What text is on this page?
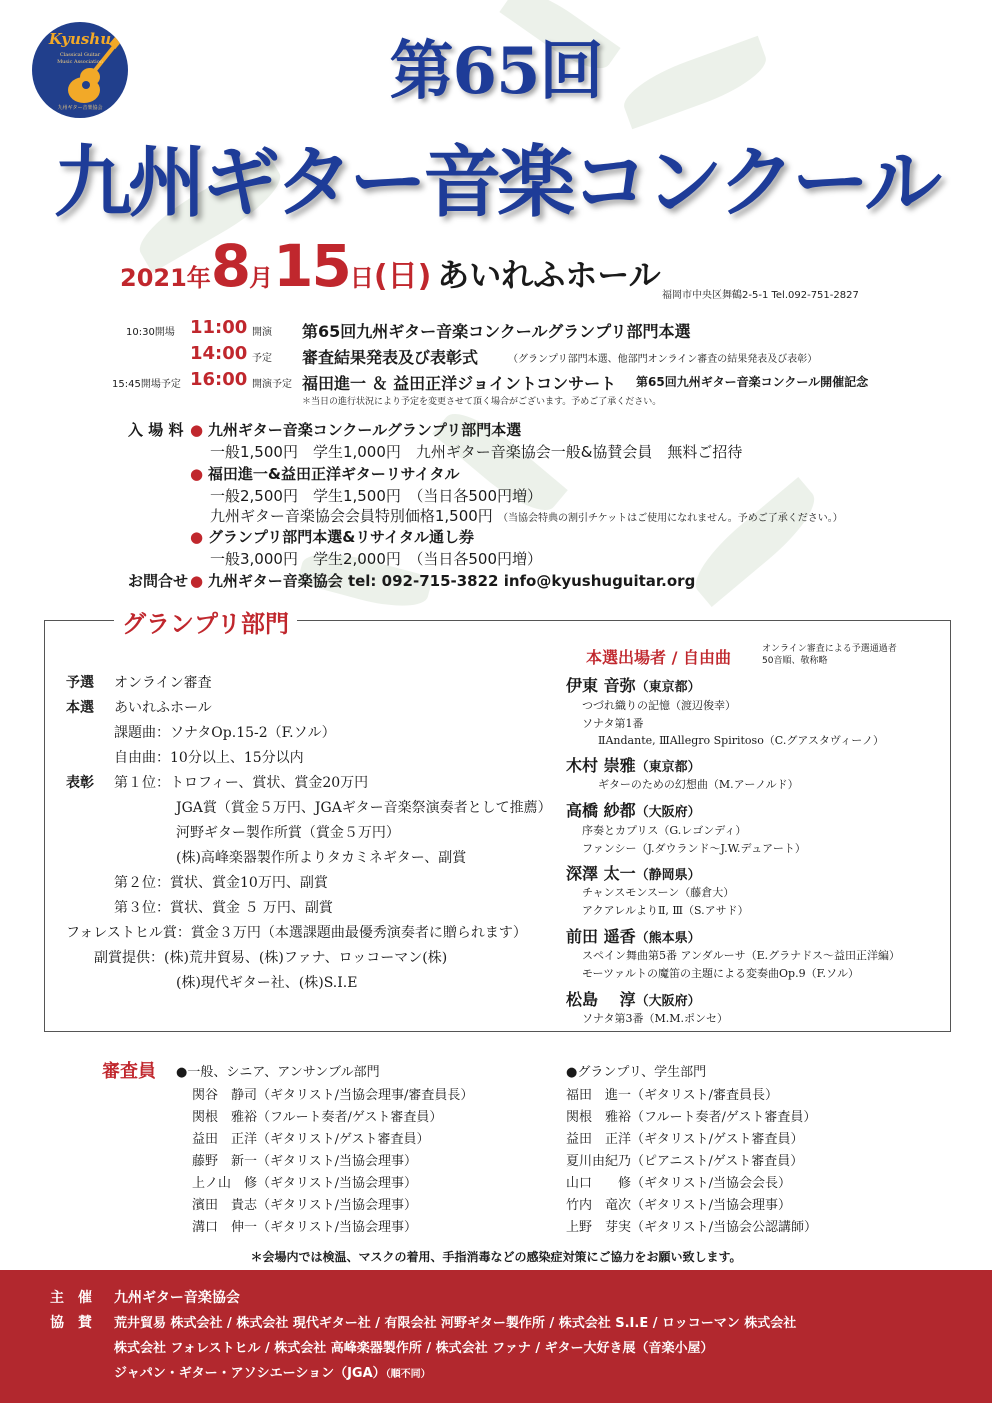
Kyushu
Classical Guitar
Music Association
九州ギター音楽協会	第65回
九州ギター音楽コンクール
2021年8月15日(日) あいれふホール
福岡市中央区舞鶴2-5-1 Tel.092-751-2827
10:30開場 11:00 開演 第65回九州ギター音楽コンクールグランプリ部門本選
14:00 予定 審査結果発表及び表彰式	（グランプリ部門本選、他部門オンライン審査の結果発表及び表彰）
15:45開場予定 16:00 開演予定 福田進一 ＆ 益田正洋ジョイントコンサート 第65回九州ギター音楽コンクール開催記念
＊当日の進行状況により予定を変更させて頂く場合がございます。予めご了承ください。
入 場 料 ● 九州ギター音楽コンクールグランプリ部門本選
一般1,500円　学生1,000円　九州ギター音楽協会一般&協賛会員　無料ご招待
● 福田進一&益田正洋ギターリサイタル
一般2,500円　学生1,500円　（当日各500円増）
九州ギター音楽協会会員特別価格1,500円 （当協会特典の割引チケットはご使用になれません。予めご了承ください。）
● グランプリ部門本選&リサイタル通し券
一般3,000円　学生2,000円　（当日各500円増）
お問合せ ● 九州ギター音楽協会 tel: 092-715-3822 info@kyushuguitar.org
グランプリ部門
予選 オンライン審査
本選 あいれふホール
課題曲：ソナタOp.15-2（F.ソル）
自由曲：10分以上、15分以内
表彰 第１位：トロフィー、賞状、賞金20万円
JGA賞（賞金５万円、JGAギター音楽祭演奏者として推薦）
河野ギター製作所賞（賞金５万円）
(株)高峰楽器製作所よりタカミネギター、副賞
第２位：賞状、賞金10万円、副賞
第３位：賞状、賞金 ５ 万円、副賞
フォレストヒル賞：賞金３万円（本選課題曲最優秀演奏者に贈られます）
副賞提供：(株)荒井貿易、(株)ファナ、ロッコーマン(株)
(株)現代ギター社、(株)S.I.E
本選出場者 / 自由曲	オンライン審査による予選通過者
50音順、敬称略
伊東 音弥（東京都）
つづれ織りの記憶（渡辺俊幸）
ソナタ第1番
ⅡAndante, ⅢAllegro Spiritoso（C.グアスタヴィーノ）
木村 崇雅（東京都）
ギターのための幻想曲（M.アーノルド）
高橋 紗都（大阪府）
序奏とカプリス（G.レゴンディ）
ファンシー（J.ダウランド〜J.W.デュアート）
深澤 太一（静岡県）
チャンスモンスーン（藤倉大）
アクアレルよりⅡ, Ⅲ（S.アサド）
前田 遥香（熊本県）
スペイン舞曲第5番 アンダルーサ（E.グラナドス〜益田正洋編）
モーツァルトの魔笛の主題による変奏曲Op.9（F.ソル）
松島　 淳（大阪府）
ソナタ第3番（M.M.ポンセ）
審査員 ●一般、シニア、アンサンブル部門
関谷　静司（ギタリスト/当協会理事/審査員長）
関根　雅裕（フルート奏者/ゲスト審査員）
益田　正洋（ギタリスト/ゲスト審査員）
藤野　新一（ギタリスト/当協会理事）
上ノ山　修（ギタリスト/当協会理事）
濱田　貴志（ギタリスト/当協会理事）
溝口　伸一（ギタリスト/当協会理事）
●グランプリ、学生部門
福田　進一（ギタリスト/審査員長）
関根　雅裕（フルート奏者/ゲスト審査員）
益田　正洋（ギタリスト/ゲスト審査員）
夏川由紀乃（ピアニスト/ゲスト審査員）
山口　　修（ギタリスト/当協会会長）
竹内　竜次（ギタリスト/当協会理事）
上野　芽実（ギタリスト/当協会公認講師）
＊会場内では検温、マスクの着用、手指消毒などの感染症対策にご協力をお願い致します。
主　催 九州ギター音楽協会
協　賛 荒井貿易 株式会社 / 株式会社 現代ギター社 / 有限会社 河野ギター製作所 / 株式会社 S.I.E / ロッコーマン 株式会社
株式会社 フォレストヒル / 株式会社 高峰楽器製作所 / 株式会社 ファナ / ギター大好き展（音楽小屋）
ジャパン・ギター・アソシエーション（JGA）（順不同）
